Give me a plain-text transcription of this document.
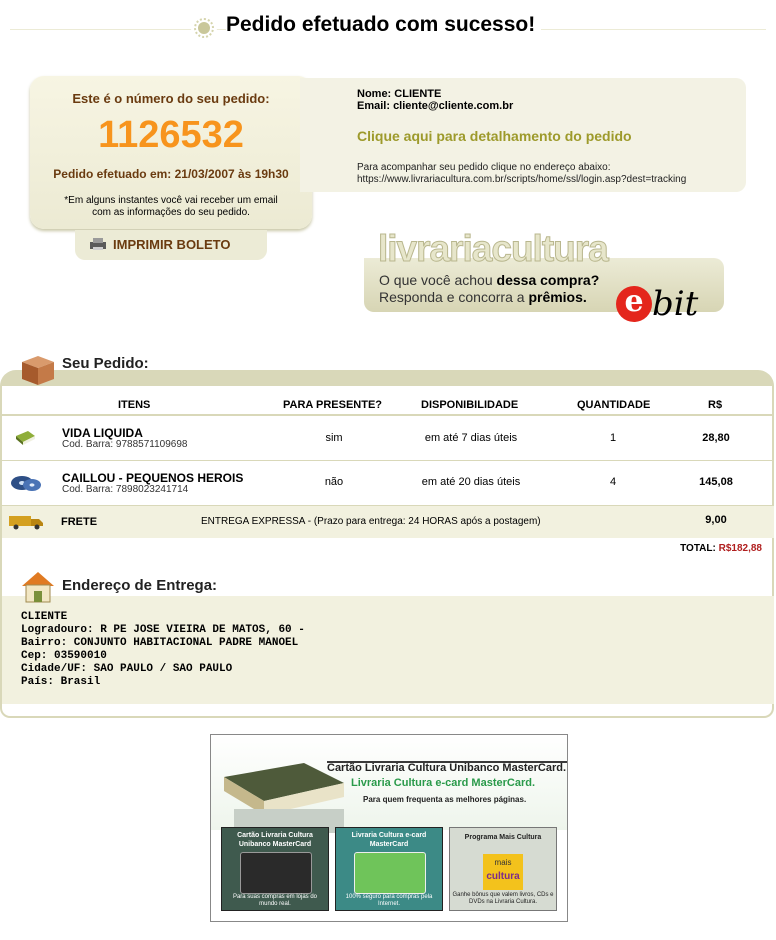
Pedido efetuado com sucesso!
Este é o número do seu pedido:
1126532
Pedido efetuado em: 21/03/2007 às 19h30
*Em alguns instantes você vai receber um email
com as informações do seu pedido.
IMPRIMIR BOLETO
Nome: CLIENTE
Email: cliente@cliente.com.br
Clique aqui para detalhamento do pedido
Para acompanhar seu pedido clique no endereço abaixo:
https://www.livrariacultura.com.br/scripts/home/ssl/login.asp?dest=tracking
O que você achou dessa compra?
Responda e concorra a prêmios. e bit
livrariacultura
Seu Pedido:
ITENS	PARA PRESENTE?	DISPONIBILIDADE	QUANTIDADE	R$
VIDA LIQUIDA
Cod. Barra: 9788571109698
sim	em até 7 dias úteis	1	28,80
CAILLOU - PEQUENOS HEROIS
Cod. Barra: 7898023241714
não	em até 20 dias úteis	4	145,08
FRETE	ENTREGA EXPRESSA - (Prazo para entrega: 24 HORAS após a postagem)	9,00
TOTAL: R$182,88
Endereço de Entrega:
CLIENTE
Logradouro: R PE JOSE VIEIRA DE MATOS, 60 -
Bairro: CONJUNTO HABITACIONAL PADRE MANOEL
Cep: 03590010
Cidade/UF: SAO PAULO / SAO PAULO
País: Brasil
Cartão Livraria Cultura Unibanco MasterCard.
Livraria Cultura e-card MasterCard.
Para quem frequenta as melhores páginas.
Cartão Livraria Cultura Unibanco MasterCard
Para suas compras em lojas do mundo real.
Livraria Cultura e-card MasterCard
100% seguro para compras pela Internet.
Programa Mais Cultura
mais
cultura
Ganhe bônus que valem livros, CDs e DVDs na Livraria Cultura.
